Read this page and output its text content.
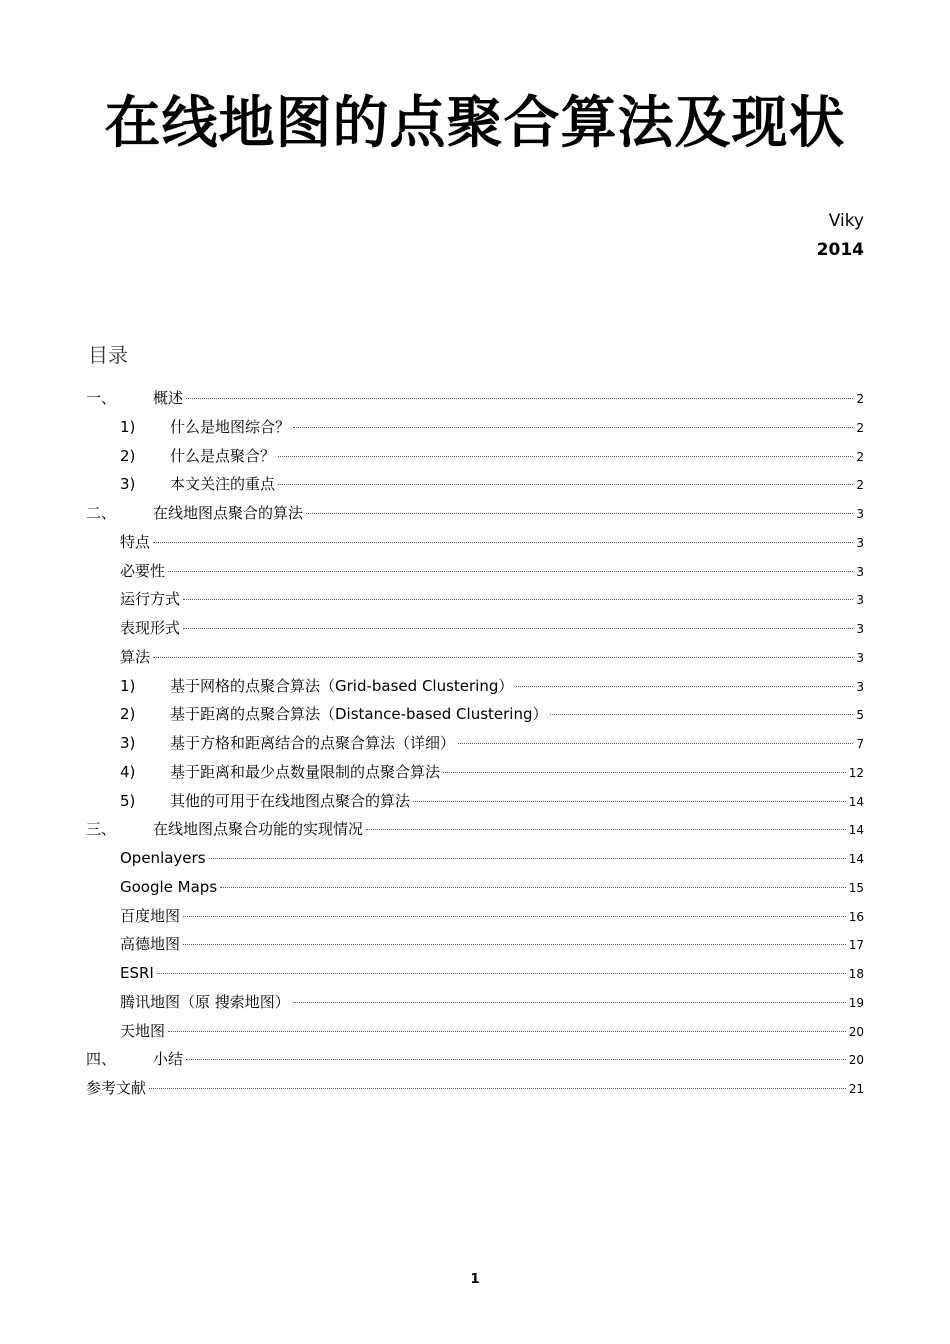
在线地图的点聚合算法及现状
Viky
2014
目录
一、	概述	2
1)	什么是地图综合？	2
2)	什么是点聚合？	2
3)	本文关注的重点	2
二、	在线地图点聚合的算法	3
特点	3
必要性	3
运行方式	3
表现形式	3
算法	3
1)	基于网格的点聚合算法（Grid-based Clustering）	3
2)	基于距离的点聚合算法（Distance-based Clustering）	5
3)	基于方格和距离结合的点聚合算法（详细）	7
4)	基于距离和最少点数量限制的点聚合算法	12
5)	其他的可用于在线地图点聚合的算法	14
三、	在线地图点聚合功能的实现情况	14
Openlayers	14
Google Maps	15
百度地图	16
高德地图	17
ESRI	18
腾讯地图（原 搜索地图）	19
天地图	20
四、	小结	20
参考文献	21
1
